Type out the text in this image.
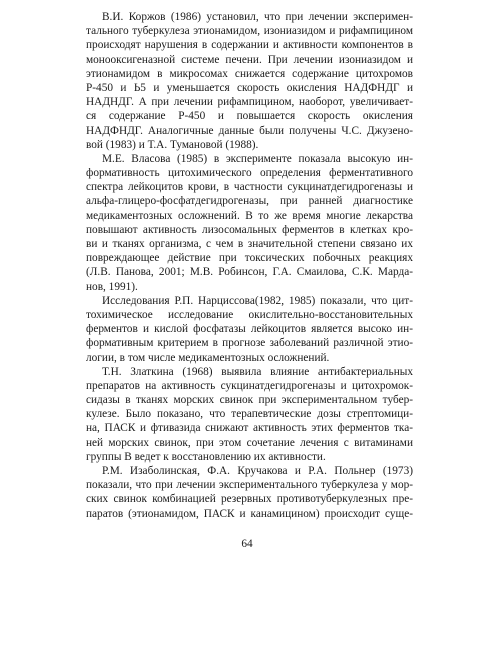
В.И. Коржов (1986) установил, что при лечении эксперимен-
тального туберкулеза этионамидом, изониазидом и рифампицином
происходят нарушения в содержании и активности компонентов в
монооксигеназной системе печени. При лечении изониазидом и
этионамидом в микросомах снижается содержание цитохромов
Р-450 и Ь5 и уменьшается скорость окисления НАДФНДГ и
НАДНДГ. А при лечении рифампицином, наоборот, увеличивает-
ся содержание Р-450 и повышается скорость окисления
НАДФНДГ. Аналогичные данные были получены Ч.С. Джузено-
вой (1983) и Т.А. Тумановой (1988).
М.Е. Власова (1985) в эксперименте показала высокую ин-
формативность цитохимического определения ферментативного
спектра лейкоцитов крови, в частности сукцинатдегидрогеназы и
альфа-глицеро-фосфатдегидрогеназы, при ранней диагностике
медикаментозных осложнений. В то же время многие лекарства
повышают активность лизосомальных ферментов в клетках кро-
ви и тканях организма, с чем в значительной степени связано их
повреждающее действие при токсических побочных реакциях
(Л.В. Панова, 2001; М.В. Робинсон, Г.А. Смаилова, С.К. Мардa-
нов, 1991).
Исследования Р.П. Нарциссова(1982, 1985) показали, что цит-
тохимическое исследование окислительно-восстановительных
ферментов и кислой фосфатазы лейкоцитов является высоко ин-
формативным критерием в прогнозе заболеваний различной этио-
логии, в том числе медикаментозных осложнений.
Т.Н. Златкина (1968) выявила влияние антибактериальных
препаратов на активность сукцинатдегидрогеназы и цитохромок-
сидазы в тканях морских свинок при экспериментальном тубер-
кулезе. Было показано, что терапевтические дозы стрептомици-
на, ПАСК и фтивазида снижают активность этих ферментов тка-
ней морских свинок, при этом сочетание лечения с витаминами
группы В ведет к восстановлению их активности.
Р.М. Изаболинская, Ф.А. Кручакова и Р.А. Польнер (1973)
показали, что при лечении экспериментального туберкулеза у мор-
ских свинок комбинацией резервных противотуберкулезных пре-
паратов (этионамидом, ПАСК и канамицином) происходит суще-
64
